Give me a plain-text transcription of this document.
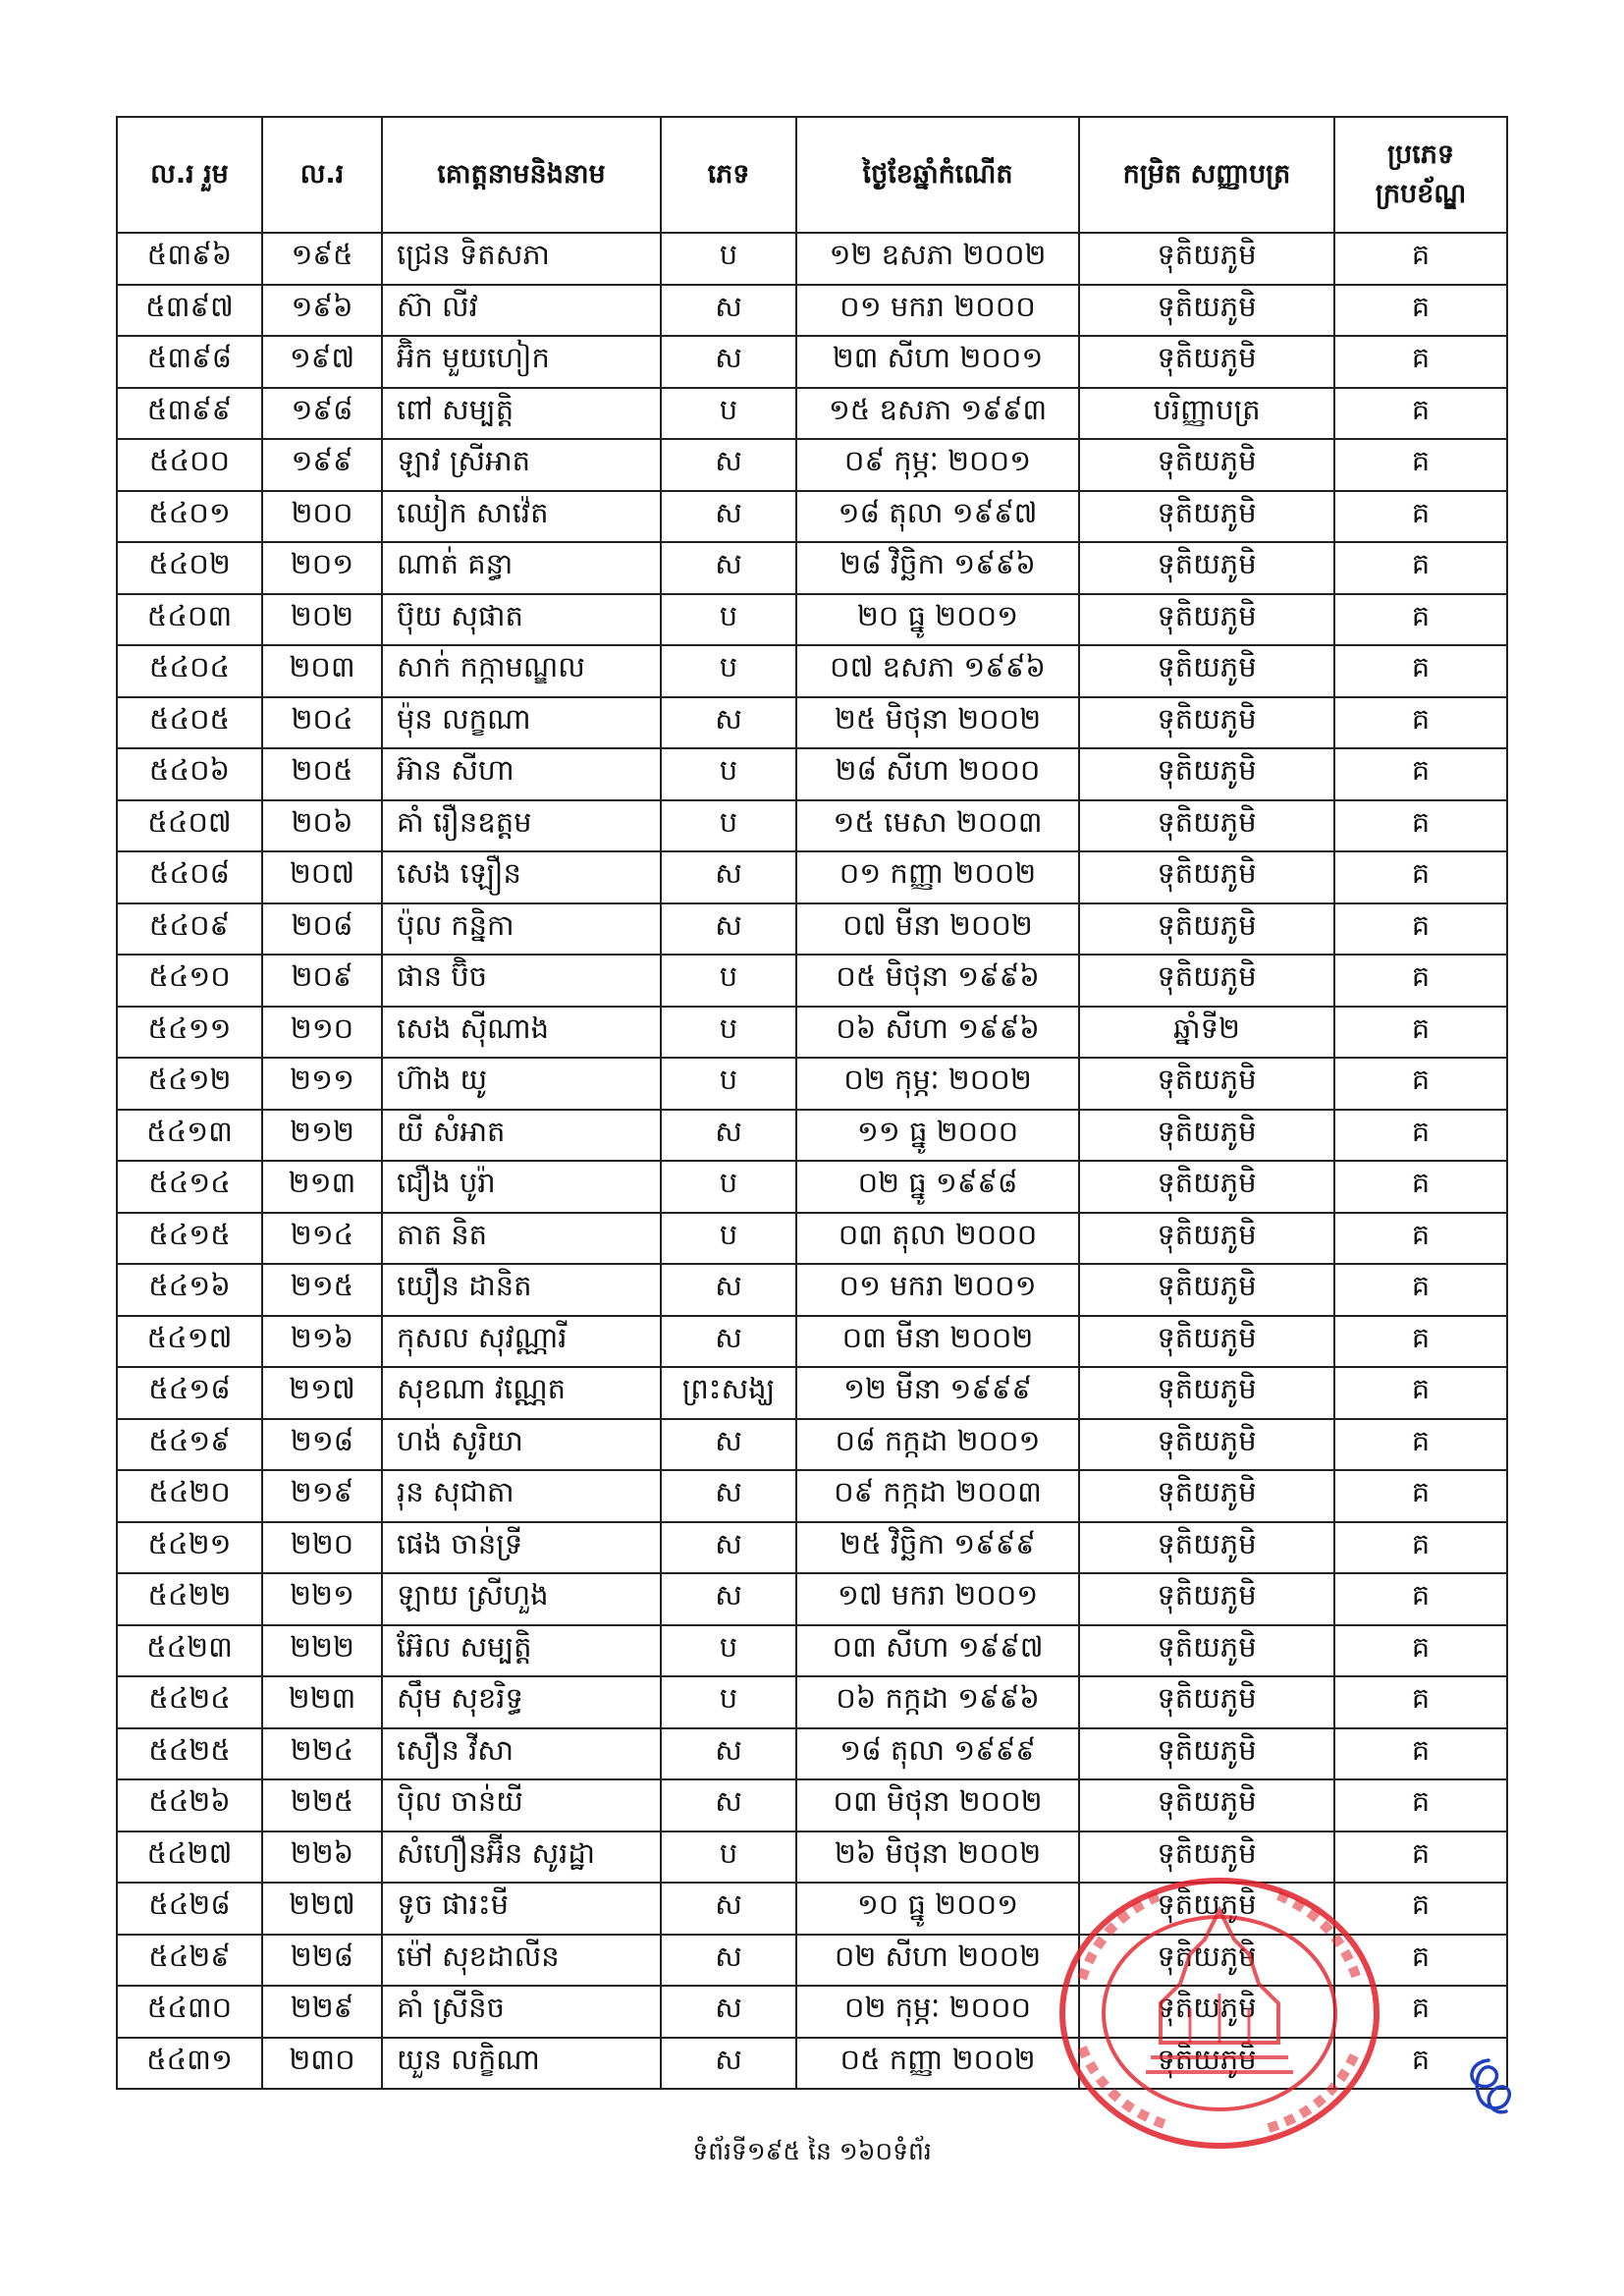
ល.រ រួម	ល.រ	គោត្តនាមនិងនាម	ភេទ	ថ្ងៃខែឆ្នាំកំណើត	កម្រិត សញ្ញាបត្រ	ប្រភេទ ក្របខ័ណ្ឌ
៥៣៩៦	១៩៥	ជ្រេន ទិតសភា	ប	១២ ឧសភា ២០០២	ទុតិយភូមិ	គ
៥៣៩៧	១៩៦	ស៊ា លីវ	ស	០១ មករា ២០០០	ទុតិយភូមិ	គ
៥៣៩៨	១៩៧	អ៊ិក មួយហៀក	ស	២៣ សីហា ២០០១	ទុតិយភូមិ	គ
៥៣៩៩	១៩៨	ពៅ សម្បត្តិ	ប	១៥ ឧសភា ១៩៩៣	បរិញ្ញាបត្រ	គ
៥៤០០	១៩៩	ឡាវ ស្រីអាត	ស	០៩ កុម្ភៈ ២០០១	ទុតិយភូមិ	គ
៥៤០១	២០០	ឈៀក សាវ៉េត	ស	១៨ តុលា ១៩៩៧	ទុតិយភូមិ	គ
៥៤០២	២០១	ណាត់ គន្ធា	ស	២៨ វិច្ឆិកា ១៩៩៦	ទុតិយភូមិ	គ
៥៤០៣	២០២	ប៊ុយ សុផាត	ប	២០ ធ្នូ ២០០១	ទុតិយភូមិ	គ
៥៤០៤	២០៣	សាក់ កក្កាមណ្ឌល	ប	០៧ ឧសភា ១៩៩៦	ទុតិយភូមិ	គ
៥៤០៥	២០៤	ម៉ុន លក្ខណា	ស	២៥ មិថុនា ២០០២	ទុតិយភូមិ	គ
៥៤០៦	២០៥	អ៊ាន សីហា	ប	២៨ សីហា ២០០០	ទុតិយភូមិ	គ
៥៤០៧	២០៦	គាំ រឿនឧត្តម	ប	១៥ មេសា ២០០៣	ទុតិយភូមិ	គ
៥៤០៨	២០៧	សេង ឡឿន	ស	០១ កញ្ញា ២០០២	ទុតិយភូមិ	គ
៥៤០៩	២០៨	ប៉ុល កន្និកា	ស	០៧ មីនា ២០០២	ទុតិយភូមិ	គ
៥៤១០	២០៩	ផាន ប៊ិច	ប	០៥ មិថុនា ១៩៩៦	ទុតិយភូមិ	គ
៥៤១១	២១០	សេង ស៊ីណាង	ប	០៦ សីហា ១៩៩៦	ឆ្នាំទី២	គ
៥៤១២	២១១	ហ៊ាង យូ	ប	០២ កុម្ភៈ ២០០២	ទុតិយភូមិ	គ
៥៤១៣	២១២	យី សំអាត	ស	១១ ធ្នូ ២០០០	ទុតិយភូមិ	គ
៥៤១៤	២១៣	ជឿង បូរ៉ា	ប	០២ ធ្នូ ១៩៩៨	ទុតិយភូមិ	គ
៥៤១៥	២១៤	តាត និត	ប	០៣ តុលា ២០០០	ទុតិយភូមិ	គ
៥៤១៦	២១៥	យឿន ដានិត	ស	០១ មករា ២០០១	ទុតិយភូមិ	គ
៥៤១៧	២១៦	កុសល សុវណ្ណារី	ស	០៣ មីនា ២០០២	ទុតិយភូមិ	គ
៥៤១៨	២១៧	សុខណា វណ្ណេត	ព្រះសង្ឃ	១២ មីនា ១៩៩៩	ទុតិយភូមិ	គ
៥៤១៩	២១៨	ហង់ សូរិយា	ស	០៨ កក្កដា ២០០១	ទុតិយភូមិ	គ
៥៤២០	២១៩	រុន សុជាតា	ស	០៩ កក្កដា ២០០៣	ទុតិយភូមិ	គ
៥៤២១	២២០	ផេង ចាន់ទ្រី	ស	២៥ វិច្ឆិកា ១៩៩៩	ទុតិយភូមិ	គ
៥៤២២	២២១	ឡាយ ស្រីហួង	ស	១៧ មករា ២០០១	ទុតិយភូមិ	គ
៥៤២៣	២២២	អ៊ែល សម្បត្តិ	ប	០៣ សីហា ១៩៩៧	ទុតិយភូមិ	គ
៥៤២៤	២២៣	ស៊ឹម សុខរិទ្ធ	ប	០៦ កក្កដា ១៩៩៦	ទុតិយភូមិ	គ
៥៤២៥	២២៤	សឿន វីសា	ស	១៨ តុលា ១៩៩៩	ទុតិយភូមិ	គ
៥៤២៦	២២៥	ប៉ិល ចាន់យី	ស	០៣ មិថុនា ២០០២	ទុតិយភូមិ	គ
៥៤២៧	២២៦	សំហឿនអ៊ីន សូរដ្ឋា	ប	២៦ មិថុនា ២០០២	ទុតិយភូមិ	គ
៥៤២៨	២២៧	ទូច ផារះមី	ស	១០ ធ្នូ ២០០១	ទុតិយភូមិ	គ
៥៤២៩	២២៨	ម៉ៅ សុខដាលីន	ស	០២ សីហា ២០០២	ទុតិយភូមិ	គ
៥៤៣០	២២៩	គាំ ស្រីនិច	ស	០២ កុម្ភៈ ២០០០	ទុតិយភូមិ	គ
៥៤៣១	២៣០	យួន លក្ខិណា	ស	០៥ កញ្ញា ២០០២	ទុតិយភូមិ	គ
ទំព័រទី១៩៥ នៃ ១៦០ទំព័រ
